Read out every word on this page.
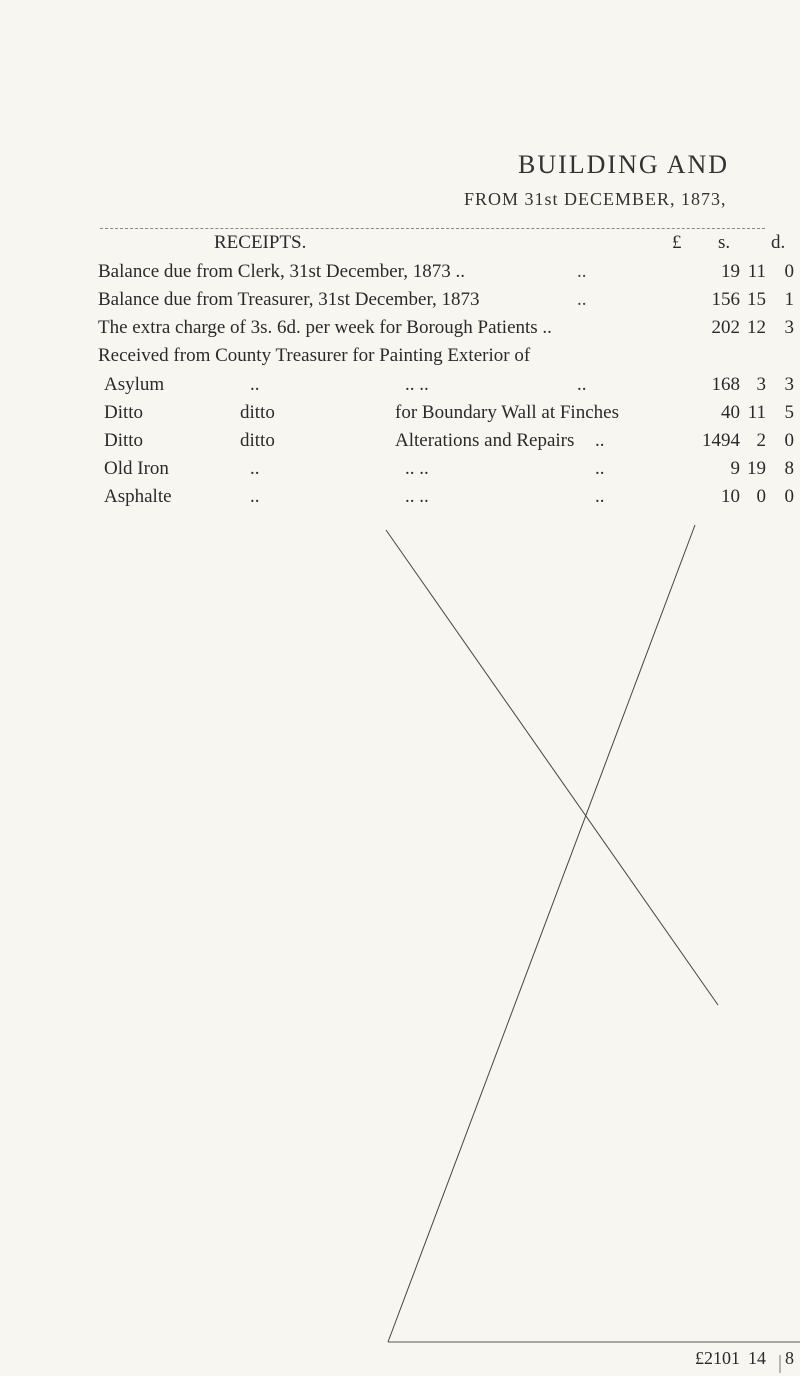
BUILDING AND
FROM 31st DECEMBER, 1873,
RECEIPTS.	£ s. d.
Balance due from Clerk, 31st December, 1873 ..	..	19 11 0
Balance due from Treasurer, 31st December, 1873	..	156 15 1
The extra charge of 3s. 6d. per week for Borough Patients ..	202 12 3
Received from County Treasurer for Painting Exterior of
Asylum	..	.. ..	..	168 3 3
Ditto	ditto	for Boundary Wall at Finches	40 11 5
Ditto	ditto	Alterations and Repairs ..	1494 2 0
Old Iron	..	.. ..	..	9 19 8
Asphalte	..	.. ..	..	10 0 0
£2101 14	8
